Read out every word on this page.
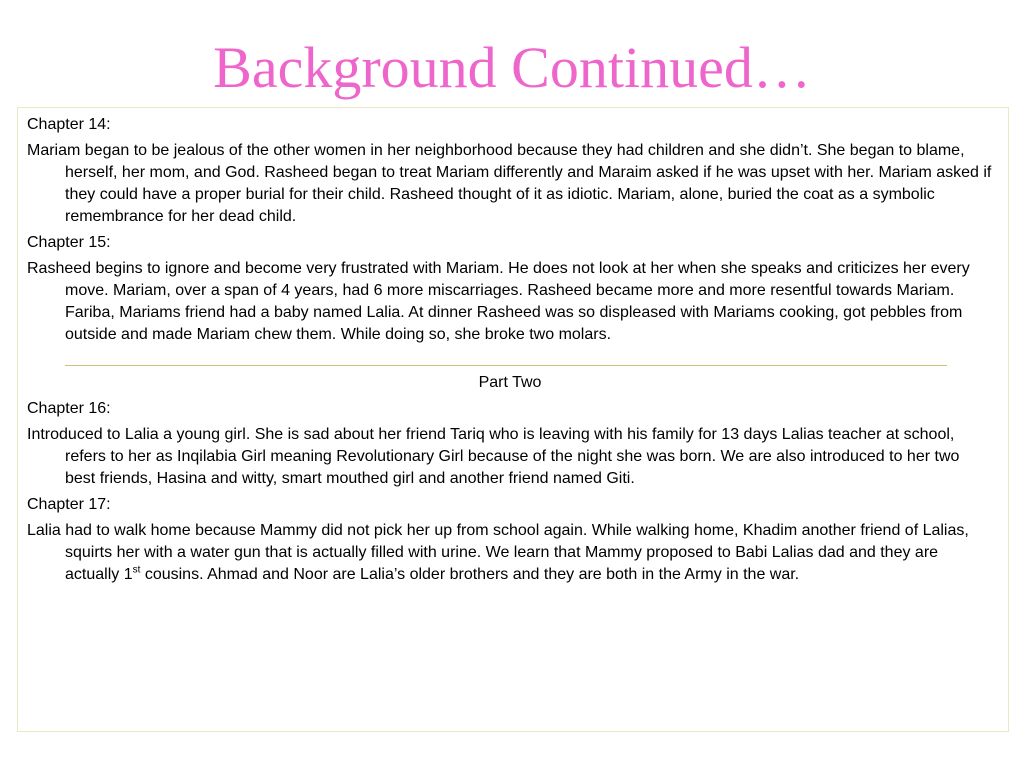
Background Continued…

Chapter 14:

Mariam began to be jealous of the other women in her neighborhood because they had children and she didn’t. She began to blame, herself, her mom, and God. Rasheed began to treat Mariam differently and Maraim asked if he was upset with her. Mariam asked if they could have a proper burial for their child. Rasheed thought of it as idiotic. Mariam, alone, buried the coat as a symbolic remembrance for her dead child.

Chapter 15:

Rasheed begins to ignore and become very frustrated with Mariam. He does not look at her when she speaks and criticizes her every move. Mariam, over a span of 4 years, had 6 more miscarriages. Rasheed became more and more resentful towards Mariam. Fariba, Mariams friend had a baby named Lalia. At dinner Rasheed was so displeased with Mariams cooking, got pebbles from outside and made Mariam chew them. While doing so, she broke two molars.

Part Two

Chapter 16:

Introduced to Lalia a young girl. She is sad about her friend Tariq who is leaving with his family for 13 days Lalias teacher at school, refers to her as Inqilabia Girl meaning Revolutionary Girl because of the night she was born. We are also introduced to her two best friends, Hasina and witty, smart mouthed girl and another friend named Giti.

Chapter 17:

Lalia had to walk home because Mammy did not pick her up from school again. While walking home, Khadim another friend of Lalias, squirts her with a water gun that is actually filled with urine. We learn that Mammy proposed to Babi Lalias dad and they are actually 1st cousins. Ahmad and Noor are Lalia’s older brothers and they are both in the Army in the war.
